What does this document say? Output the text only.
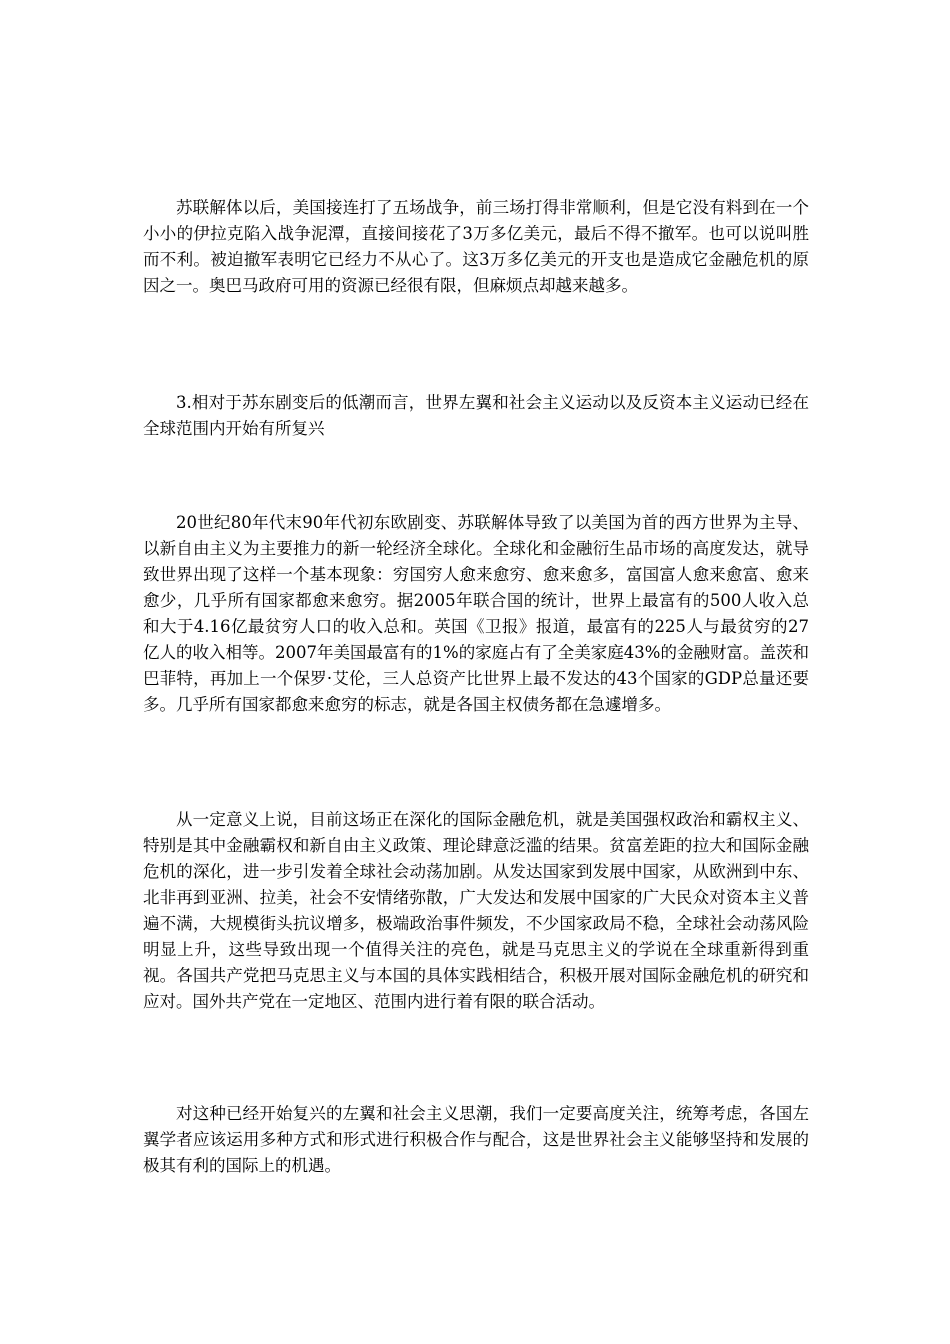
苏联解体以后，美国接连打了五场战争，前三场打得非常顺利，但是它没有料到在一个小小的伊拉克陷入战争泥潭，直接间接花了3万多亿美元，最后不得不撤军。也可以说叫胜而不利。被迫撤军表明它已经力不从心了。这3万多亿美元的开支也是造成它金融危机的原因之一。奥巴马政府可用的资源已经很有限，但麻烦点却越来越多。

3.相对于苏东剧变后的低潮而言，世界左翼和社会主义运动以及反资本主义运动已经在全球范围内开始有所复兴

20世纪80年代末90年代初东欧剧变、苏联解体导致了以美国为首的西方世界为主导、以新自由主义为主要推力的新一轮经济全球化。全球化和金融衍生品市场的高度发达，就导致世界出现了这样一个基本现象：穷国穷人愈来愈穷、愈来愈多，富国富人愈来愈富、愈来愈少，几乎所有国家都愈来愈穷。据2005年联合国的统计，世界上最富有的500人收入总和大于4.16亿最贫穷人口的收入总和。英国《卫报》报道，最富有的225人与最贫穷的27亿人的收入相等。2007年美国最富有的1%的家庭占有了全美家庭43%的金融财富。盖茨和巴菲特，再加上一个保罗·艾伦，三人总资产比世界上最不发达的43个国家的GDP总量还要多。几乎所有国家都愈来愈穷的标志，就是各国主权债务都在急遽增多。

从一定意义上说，目前这场正在深化的国际金融危机，就是美国强权政治和霸权主义、特别是其中金融霸权和新自由主义政策、理论肆意泛滥的结果。贫富差距的拉大和国际金融危机的深化，进一步引发着全球社会动荡加剧。从发达国家到发展中国家，从欧洲到中东、北非再到亚洲、拉美，社会不安情绪弥散，广大发达和发展中国家的广大民众对资本主义普遍不满，大规模街头抗议增多，极端政治事件频发，不少国家政局不稳，全球社会动荡风险明显上升，这些导致出现一个值得关注的亮色，就是马克思主义的学说在全球重新得到重视。各国共产党把马克思主义与本国的具体实践相结合，积极开展对国际金融危机的研究和应对。国外共产党在一定地区、范围内进行着有限的联合活动。

对这种已经开始复兴的左翼和社会主义思潮，我们一定要高度关注，统筹考虑，各国左翼学者应该运用多种方式和形式进行积极合作与配合，这是世界社会主义能够坚持和发展的极其有利的国际上的机遇。
